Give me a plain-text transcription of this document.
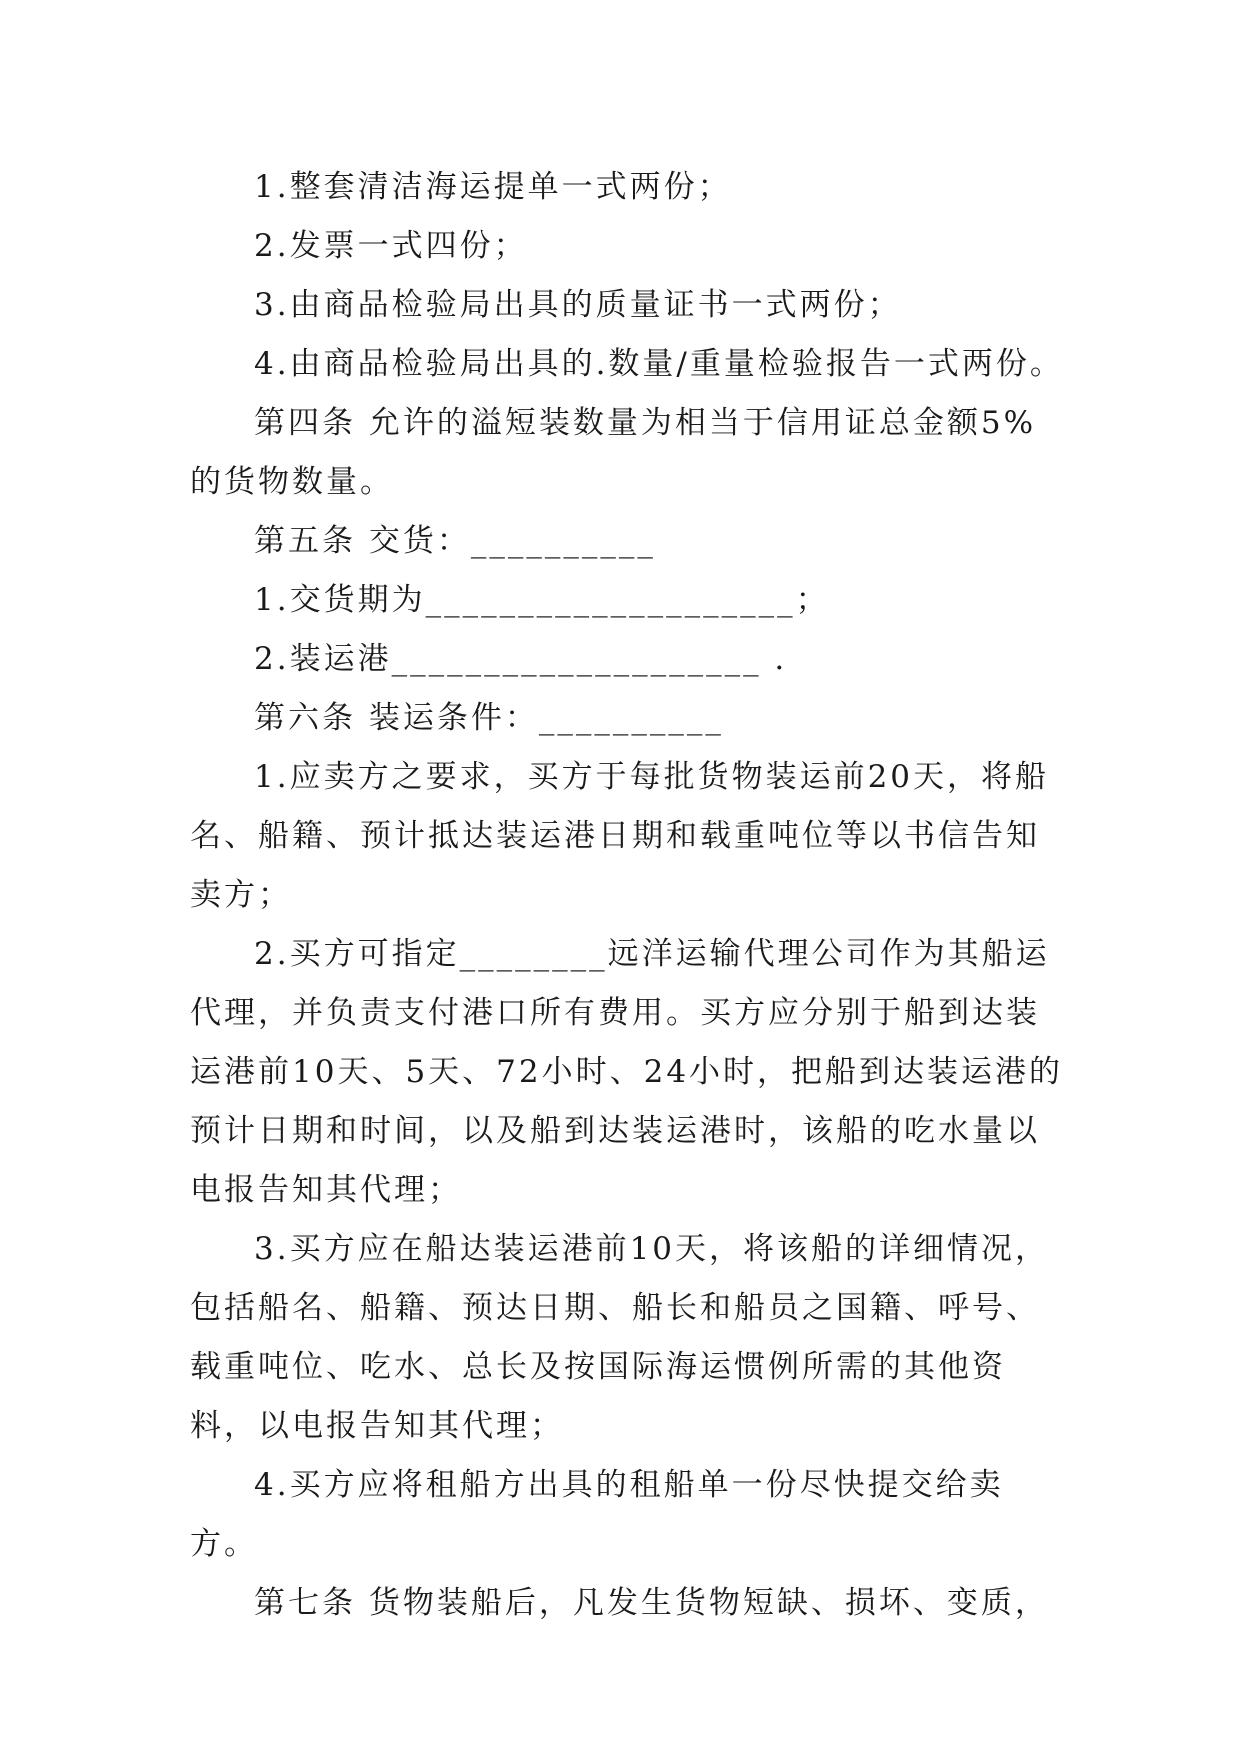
1.整套清洁海运提单一式两份；

2.发票一式四份；

3.由商品检验局出具的质量证书一式两份；

4.由商品检验局出具的.数量/重量检验报告一式两份。

第四条 允许的溢短装数量为相当于信用证总金额5%的货物数量。

第五条 交货：__________

1.交货期为____________________；

2.装运港____________________ .

第六条 装运条件：__________

1.应卖方之要求，买方于每批货物装运前20天，将船名、船籍、预计抵达装运港日期和载重吨位等以书信告知卖方；

2.买方可指定________远洋运输代理公司作为其船运代理，并负责支付港口所有费用。买方应分别于船到达装运港前10天、5天、72小时、24小时，把船到达装运港的预计日期和时间，以及船到达装运港时，该船的吃水量以电报告知其代理；

3.买方应在船达装运港前10天，将该船的详细情况，包括船名、船籍、预达日期、船长和船员之国籍、呼号、载重吨位、吃水、总长及按国际海运惯例所需的其他资料，以电报告知其代理；

4.买方应将租船方出具的租船单一份尽快提交给卖方。

第七条 货物装船后，凡发生货物短缺、损坏、变质，
